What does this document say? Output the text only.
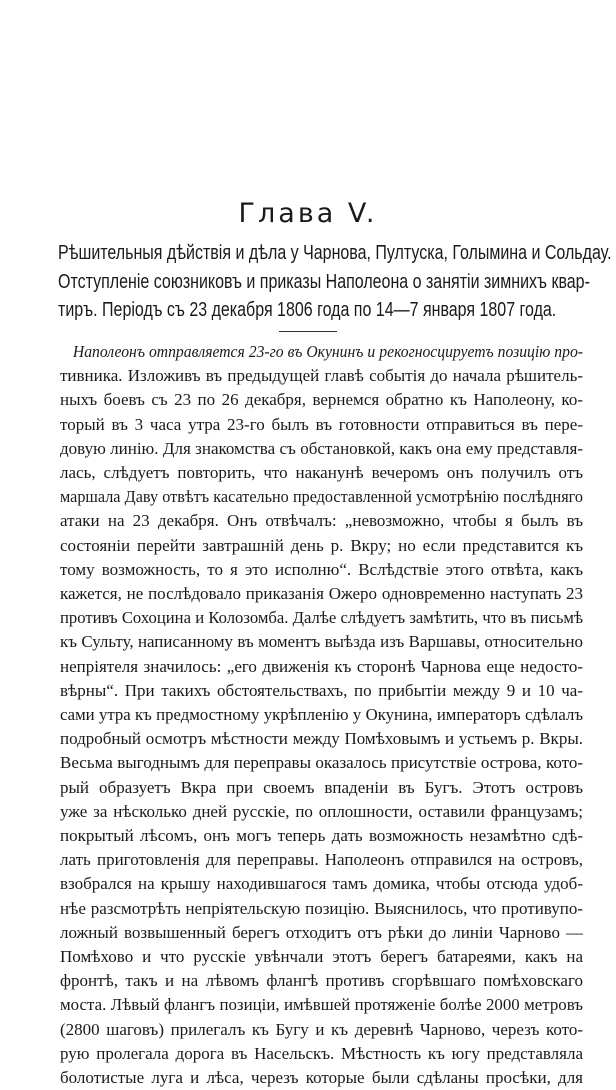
Глава V.
Рѣшительныя дѣйствія и дѣла у Чарнова, Пултуска, Голымина и Сольдау.
Отступленіе союзниковъ и приказы Наполеона о занятіи зимнихъ квар-
тиръ. Періодъ съ 23 декабря 1806 года по 14—7 января 1807 года.
Наполеонъ отправляется 23-го въ Окунинъ и рекогносцируетъ позицію про-
тивника. Изложивъ въ предыдущей главѣ событія до начала рѣшитель-
ныхъ боевъ съ 23 по 26 декабря, вернемся обратно къ Наполеону, ко-
торый въ 3 часа утра 23-го былъ въ готовности отправиться въ пере-
довую линію. Для знакомства съ обстановкой, какъ она ему представля-
лась, слѣдуетъ повторить, что наканунѣ вечеромъ онъ получилъ отъ
маршала Даву отвѣтъ касательно предоставленной усмотрѣнію послѣдняго
атаки на 23 декабря. Онъ отвѣчалъ: „невозможно, чтобы я былъ въ
состояніи перейти завтрашній день р. Вкру; но если представится къ
тому возможность, то я это исполню“. Вслѣдствіе этого отвѣта, какъ
кажется, не послѣдовало приказанія Ожеро одновременно наступать 23
противъ Сохоцина и Колозомба. Далѣе слѣдуетъ замѣтить, что въ письмѣ
къ Сульту, написанному въ моментъ выѣзда изъ Варшавы, относительно
непріятеля значилось: „его движенія къ сторонѣ Чарнова еще недосто-
вѣрны“. При такихъ обстоятельствахъ, по прибытіи между 9 и 10 ча-
сами утра къ предмостному укрѣпленію у Окунина, императоръ сдѣлалъ
подробный осмотръ мѣстности между Помѣховымъ и устьемъ р. Вкры.
Весьма выгоднымъ для переправы оказалось присутствіе острова, кото-
рый образуетъ Вкра при своемъ впаденіи въ Бугъ. Этотъ островъ
уже за нѣсколько дней русскіе, по оплошности, оставили французамъ;
покрытый лѣсомъ, онъ могъ теперь дать возможность незамѣтно сдѣ-
лать приготовленія для переправы. Наполеонъ отправился на островъ,
взобрался на крышу находившагося тамъ домика, чтобы отсюда удоб-
нѣе разсмотрѣть непріятельскую позицію. Выяснилось, что противупо-
ложный возвышенный берегъ отходитъ отъ рѣки до линіи Чарново —
Помѣхово и что русскіе увѣнчали этотъ берегъ батареями, какъ на
фронтѣ, такъ и на лѣвомъ флангѣ противъ сгорѣвшаго помѣховскаго
моста. Лѣвый флангъ позиціи, имѣвшей протяженіе болѣе 2000 метровъ
(2800 шаговъ) прилегалъ къ Бугу и къ деревнѣ Чарново, черезъ кото-
рую пролегала дорога въ Насельскъ. Мѣстность къ югу представляла
болотистые луга и лѣса, черезъ которые были сдѣланы просѣки, для
